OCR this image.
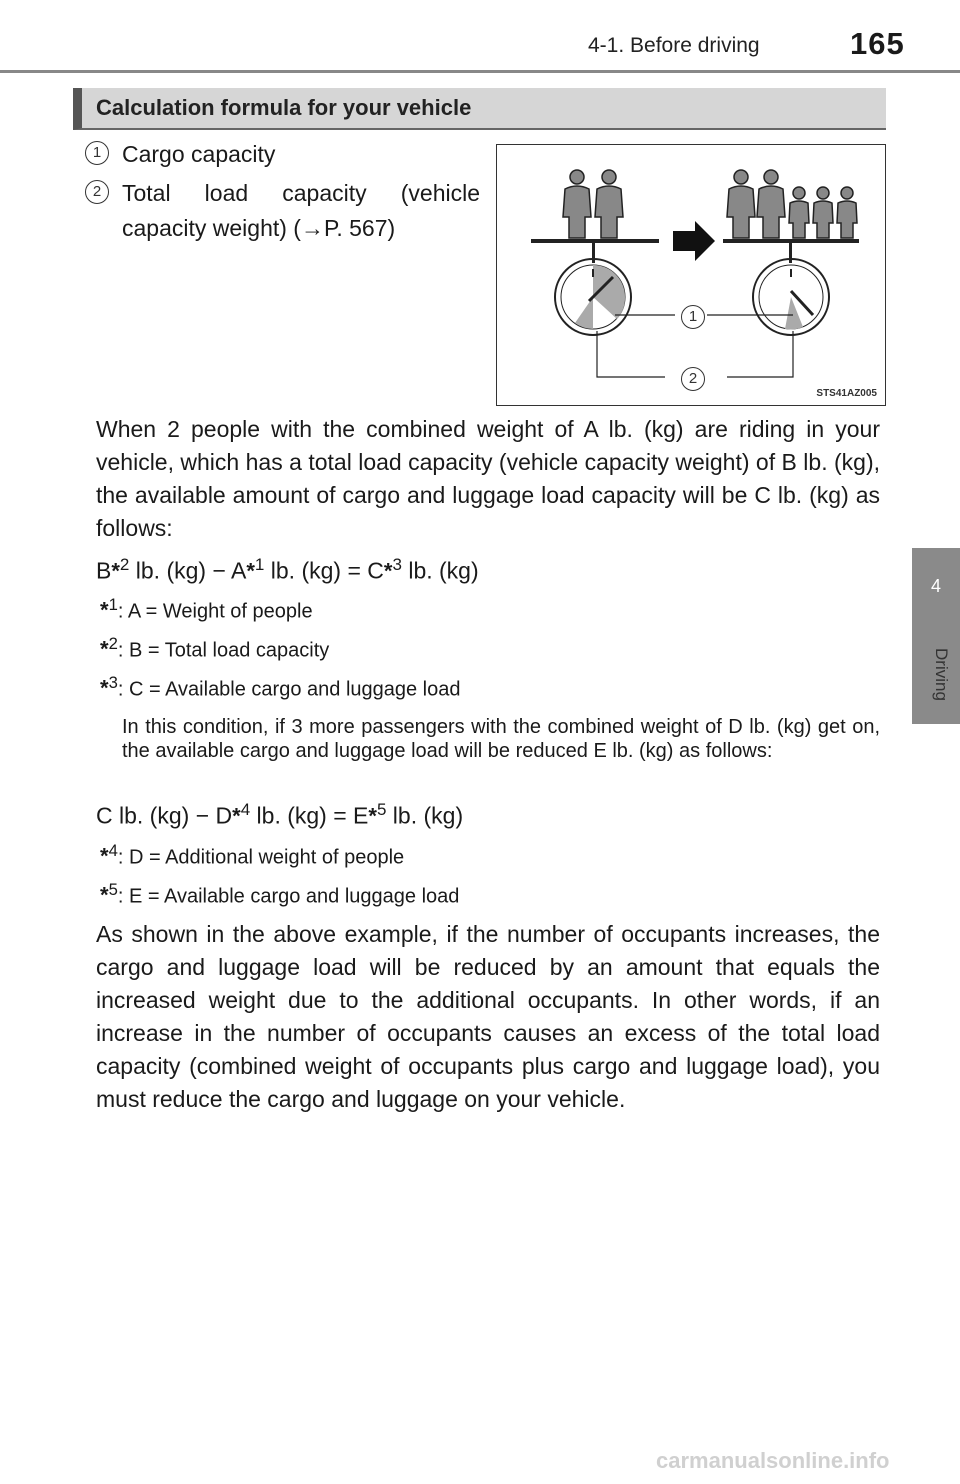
4-1. Before driving	165
4
Driving
Calculation formula for your vehicle
1 Cargo capacity
2 Total load capacity (vehicle
capacity weight) (→P. 567)
1
2
STS41AZ005
When 2 people with the combined weight of A lb. (kg) are riding in your vehicle, which has a total load capacity (vehicle capacity weight) of B lb. (kg), the available amount of cargo and luggage load capacity will be C lb. (kg) as follows:
B*$^2$ lb. (kg) − A*$^1$ lb. (kg) = C*$^3$ lb. (kg)
*$^1$: A = Weight of people
*$^2$: B = Total load capacity
*$^3$: C = Available cargo and luggage load
In this condition, if 3 more passengers with the combined weight of D lb. (kg) get on, the available cargo and luggage load will be reduced E lb. (kg) as follows:
C lb. (kg) − D*$^4$ lb. (kg) = E*$^5$ lb. (kg)
*$^4$: D = Additional weight of people
*$^5$: E = Available cargo and luggage load
As shown in the above example, if the number of occupants increases, the cargo and luggage load will be reduced by an amount that equals the increased weight due to the additional occupants. In other words, if an increase in the number of occupants causes an excess of the total load capacity (combined weight of occupants plus cargo and luggage load), you must reduce the cargo and luggage on your vehicle.
carmanualsonline.info
